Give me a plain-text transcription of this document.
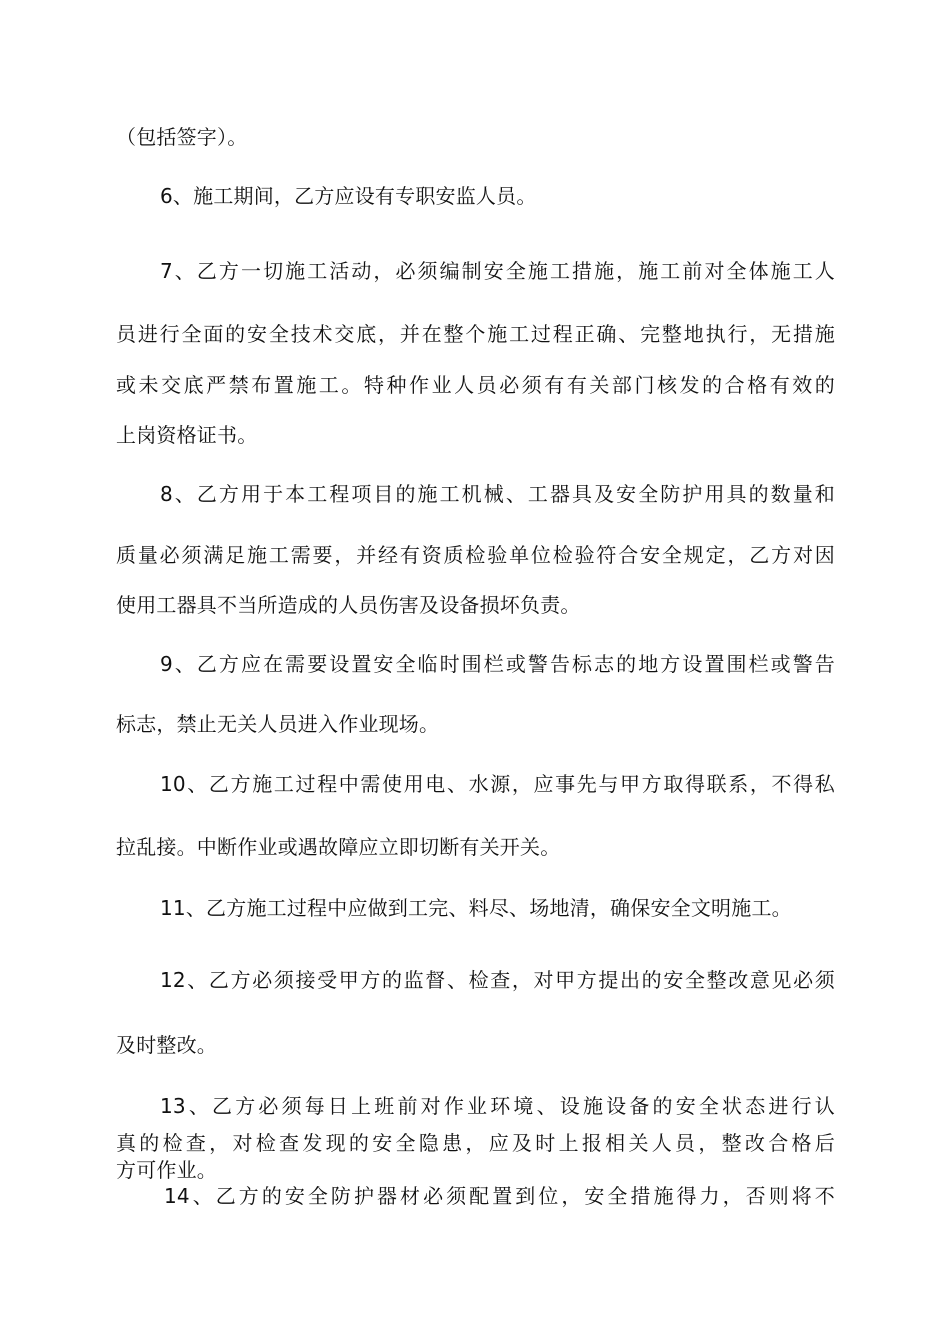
（包括签字）。
6、施工期间，乙方应设有专职安监人员。
7、乙方一切施工活动，必须编制安全施工措施，施工前对全体施工人
员进行全面的安全技术交底，并在整个施工过程正确、完整地执行，无措施
或未交底严禁布置施工。特种作业人员必须有有关部门核发的合格有效的
上岗资格证书。
8、乙方用于本工程项目的施工机械、工器具及安全防护用具的数量和
质量必须满足施工需要，并经有资质检验单位检验符合安全规定，乙方对因
使用工器具不当所造成的人员伤害及设备损坏负责。
9、乙方应在需要设置安全临时围栏或警告标志的地方设置围栏或警告
标志，禁止无关人员进入作业现场。
10、乙方施工过程中需使用电、水源，应事先与甲方取得联系，不得私
拉乱接。中断作业或遇故障应立即切断有关开关。
11、乙方施工过程中应做到工完、料尽、场地清，确保安全文明施工。
12、乙方必须接受甲方的监督、检查，对甲方提出的安全整改意见必须
及时整改。
13、乙方必须每日上班前对作业环境、设施设备的安全状态进行认
真的检查，对检查发现的安全隐患，应及时上报相关人员，整改合格后
方可作业。
14、乙方的安全防护器材必须配置到位，安全措施得力，否则将不
